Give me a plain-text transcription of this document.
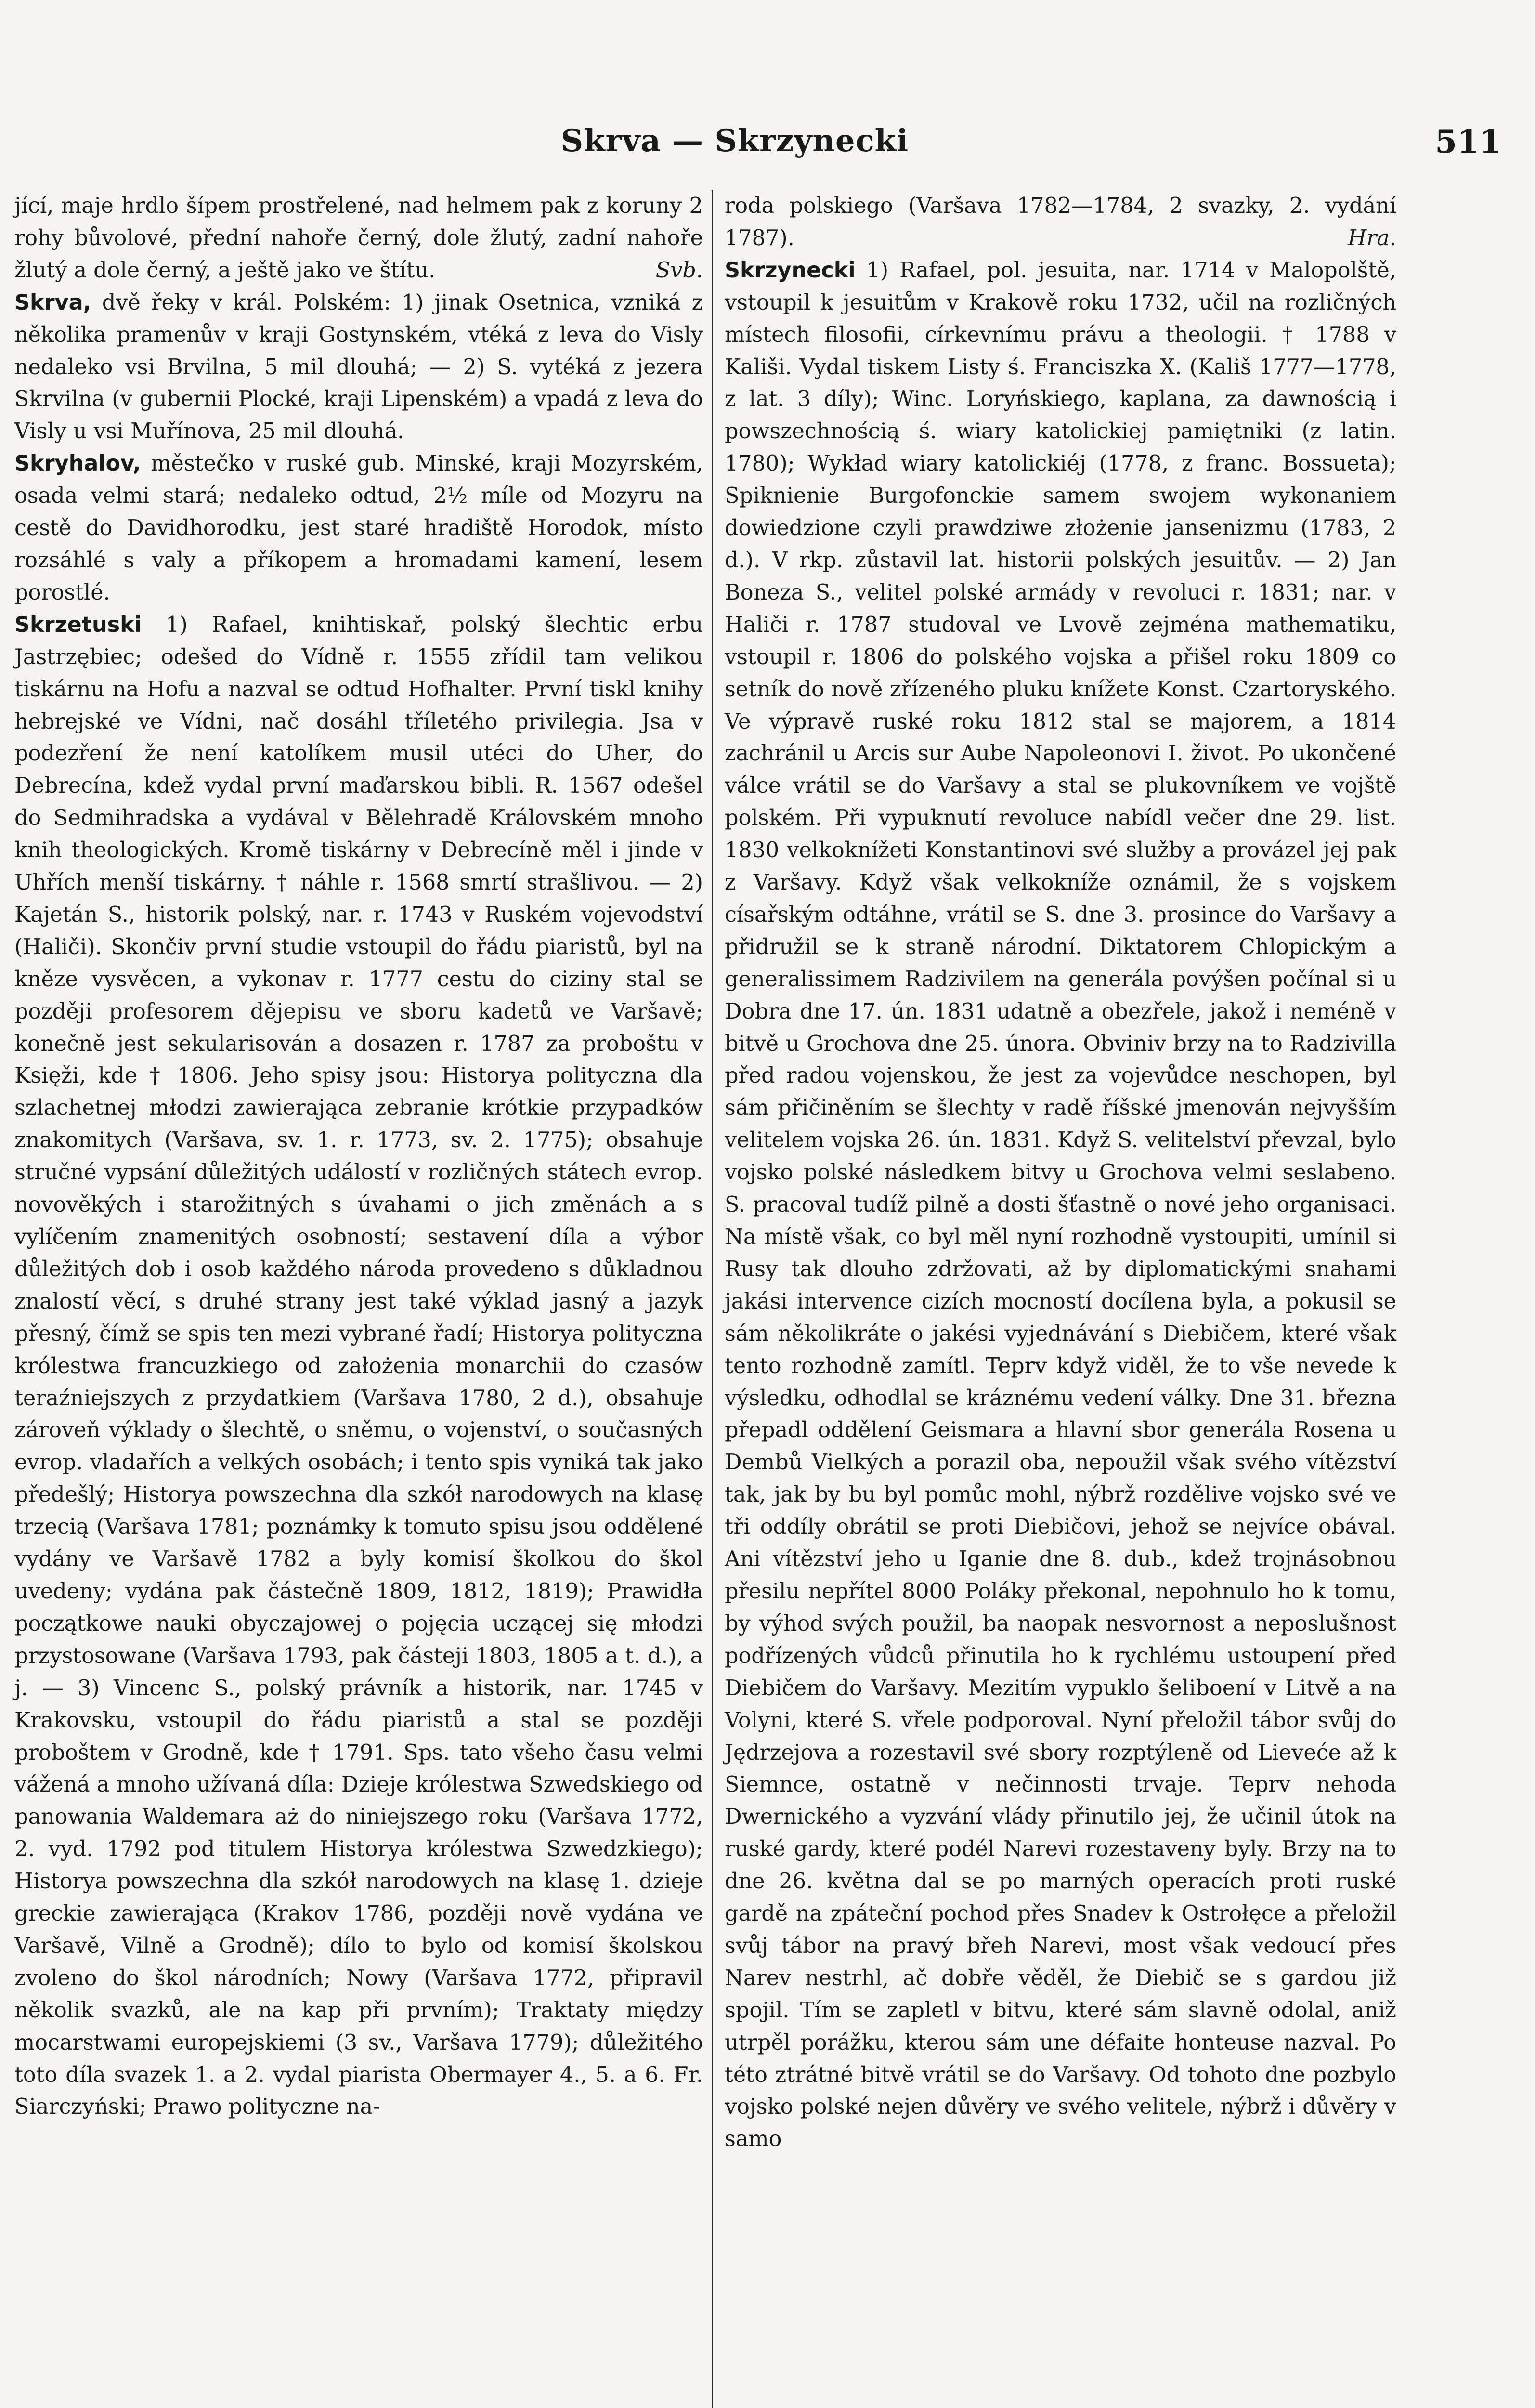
Skrva — Skrzynecki	511

jící, maje hrdlo šípem prostřelené, nad helmem pak z koruny 2 rohy bůvolové, přední nahoře černý, dole žlutý, zadní nahoře žlutý a dole černý, a ještě jako ve štítu.	Svb.

Skrva, dvě řeky v král. Polském: 1) jinak Osetnica, vzniká z několika pramenův v kraji Gostynském, vtéká z leva do Visly nedaleko vsi Brvilna, 5 mil dlouhá; — 2) S. vytéká z jezera Skrvilna (v gubernii Plocké, kraji Lipenském) a vpadá z leva do Visly u vsi Muřínova, 25 mil dlouhá.

Skryhalov, městečko v ruské gub. Minské, kraji Mozyrském, osada velmi stará; nedaleko odtud, 2½ míle od Mozyru na cestě do Davidhorodku, jest staré hradiště Horodok, místo rozsáhlé s valy a příkopem a hromadami kamení, lesem porostlé.

Skrzetuski 1) Rafael, knihtiskař, polský šlechtic erbu Jastrzębiec; odešed do Vídně r. 1555 zřídil tam velikou tiskárnu na Hofu a nazval se odtud Hofhalter. První tiskl knihy hebrejské ve Vídni, nač dosáhl tříletého privilegia. Jsa v podezření že není katolíkem musil utéci do Uher, do Debrecína, kdež vydal první maďarskou bibli. R. 1567 odešel do Sedmihradska a vydával v Bělehradě Královském mnoho knih theologických. Kromě tiskárny v Debrecíně měl i jinde v Uhřích menší tiskárny. † náhle r. 1568 smrtí strašlivou. — 2) Kajetán S., historik polský, nar. r. 1743 v Ruském vojevodství (Haliči). Skončiv první studie vstoupil do řádu piaristů, byl na kněze vysvěcen, a vykonav r. 1777 cestu do ciziny stal se později profesorem dějepisu ve sboru kadetů ve Varšavě; konečně jest sekularisován a dosazen r. 1787 za proboštu v Księži, kde † 1806. Jeho spisy jsou: Historya polityczna dla szlachetnej młodzi zawierająca zebranie krótkie przypadków znakomitych (Varšava, sv. 1. r. 1773, sv. 2. 1775); obsahuje stručné vypsání důležitých událostí v rozličných státech evrop. novověkých i starožitných s úvahami o jich změnách a s vylíčením znamenitých osobností; sestavení díla a výbor důležitých dob i osob každého národa provedeno s důkladnou znalostí věcí, s druhé strany jest také výklad jasný a jazyk přesný, čímž se spis ten mezi vybrané řadí; Historya polityczna królestwa francuzkiego od założenia monarchii do czasów teraźniejszych z przydatkiem (Varšava 1780, 2 d.), obsahuje zároveň výklady o šlechtě, o sněmu, o vojenství, o současných evrop. vladařích a velkých osobách; i tento spis vyniká tak jako předešlý; Historya powszechna dla szkół narodowych na klasę trzecią (Varšava 1781; poznámky k tomuto spisu jsou oddělené vydány ve Varšavě 1782 a byly komisí školkou do škol uvedeny; vydána pak částečně 1809, 1812, 1819); Prawidła początkowe nauki obyczajowej o pojęcia uczącej się młodzi przystosowane (Varšava 1793, pak částeji 1803, 1805 a t. d.), a j. — 3) Vincenc S., polský právník a historik, nar. 1745 v Krakovsku, vstoupil do řádu piaristů a stal se později proboštem v Grodně, kde † 1791. Sps. tato všeho času velmi vážená a mnoho užívaná díla: Dzieje królestwa Szwedskiego od panowania Waldemara aż do niniejszego roku (Varšava 1772, 2. vyd. 1792 pod titulem Historya królestwa Szwedzkiego); Historya powszechna dla szkół narodowych na klasę 1. dzieje greckie zawierająca (Krakov 1786, později nově vydána ve Varšavě, Vilně a Grodně); dílo to bylo od komisí školskou zvoleno do škol národních; Nowy (Varšava 1772, připravil několik svazků, ale na kap při prvním); Traktaty między mocarstwami europejskiemi (3 sv., Varšava 1779); důležitého toto díla svazek 1. a 2. vydal piarista Obermayer 4., 5. a 6. Fr. Siarczyński; Prawo polityczne na-

roda polskiego (Varšava 1782—1784, 2 svazky, 2. vydání 1787).	Hra.

Skrzynecki 1) Rafael, pol. jesuita, nar. 1714 v Malopolště, vstoupil k jesuitům v Krakově roku 1732, učil na rozličných místech filosofii, církevnímu právu a theologii. † 1788 v Kališi. Vydal tiskem Listy ś. Franciszka X. (Kališ 1777—1778, z lat. 3 díly); Winc. Loryńskiego, kaplana, za dawnością i powszechnością ś. wiary katolickiej pamiętniki (z latin. 1780); Wykład wiary katolickiéj (1778, z franc. Bossueta); Spiknienie Burgofonckie samem swojem wykonaniem dowiedzione czyli prawdziwe złożenie jansenizmu (1783, 2 d.). V rkp. zůstavil lat. historii polských jesuitův. — 2) Jan Boneza S., velitel polské armády v revoluci r. 1831; nar. v Haliči r. 1787 studoval ve Lvově zejména mathematiku, vstoupil r. 1806 do polského vojska a přišel roku 1809 co setník do nově zřízeného pluku knížete Konst. Czartoryského. Ve výpravě ruské roku 1812 stal se majorem, a 1814 zachránil u Arcis sur Aube Napoleonovi I. život. Po ukončené válce vrátil se do Varšavy a stal se plukovníkem ve vojště polském. Při vypuknutí revoluce nabídl večer dne 29. list. 1830 velkoknížeti Konstantinovi své služby a provázel jej pak z Varšavy. Když však velkokníže oznámil, že s vojskem císařským odtáhne, vrátil se S. dne 3. prosince do Varšavy a přidružil se k straně národní. Diktatorem Chlopickým a generalissimem Radzivilem na generála povýšen počínal si u Dobra dne 17. ún. 1831 udatně a obezřele, jakož i neméně v bitvě u Grochova dne 25. února. Obviniv brzy na to Radzivilla před radou vojenskou, že jest za vojevůdce neschopen, byl sám přičiněním se šlechty v radě říšské jmenován nejvyšším velitelem vojska 26. ún. 1831. Když S. velitelství převzal, bylo vojsko polské následkem bitvy u Grochova velmi seslabeno. S. pracoval tudíž pilně a dosti šťastně o nové jeho organisaci. Na místě však, co byl měl nyní rozhodně vystoupiti, umínil si Rusy tak dlouho zdržovati, až by diplomatickými snahami jakási intervence cizích mocností docílena byla, a pokusil se sám několikráte o jakési vyjednávání s Diebičem, které však tento rozhodně zamítl. Teprv když viděl, že to vše nevede k výsledku, odhodlal se kráznému vedení války. Dne 31. března přepadl oddělení Geismara a hlavní sbor generála Rosena u Dembů Vielkých a porazil oba, nepoužil však svého vítězství tak, jak by bu byl pomůc mohl, nýbrž rozdělive vojsko své ve tři oddíly obrátil se proti Diebičovi, jehož se nejvíce obával. Ani vítězství jeho u Iganie dne 8. dub., kdež trojnásobnou přesilu nepřítel 8000 Poláky překonal, nepohnulo ho k tomu, by výhod svých použil, ba naopak nesvornost a neposlušnost podřízených vůdců přinutila ho k rychlému ustoupení před Diebičem do Varšavy. Mezitím vypuklo šeliboení v Litvě a na Volyni, které S. vřele podporoval. Nyní přeložil tábor svůj do Jędrzejova a rozestavil své sbory rozptýleně od Lieveće až k Siemnce, ostatně v nečinnosti trvaje. Teprv nehoda Dwernického a vyzvání vlády přinutilo jej, že učinil útok na ruské gardy, které podél Narevi rozestaveny byly. Brzy na to dne 26. května dal se po marných operacích proti ruské gardě na zpáteční pochod přes Snadev k Ostrołęce a přeložil svůj tábor na pravý břeh Narevi, most však vedoucí přes Narev nestrhl, ač dobře věděl, že Diebič se s gardou již spojil. Tím se zapletl v bitvu, které sám slavně odolal, aniž utrpěl porážku, kterou sám une défaite honteuse nazval. Po této ztrátné bitvě vrátil se do Varšavy. Od tohoto dne pozbylo vojsko polské nejen důvěry ve svého velitele, nýbrž i důvěry v samo
